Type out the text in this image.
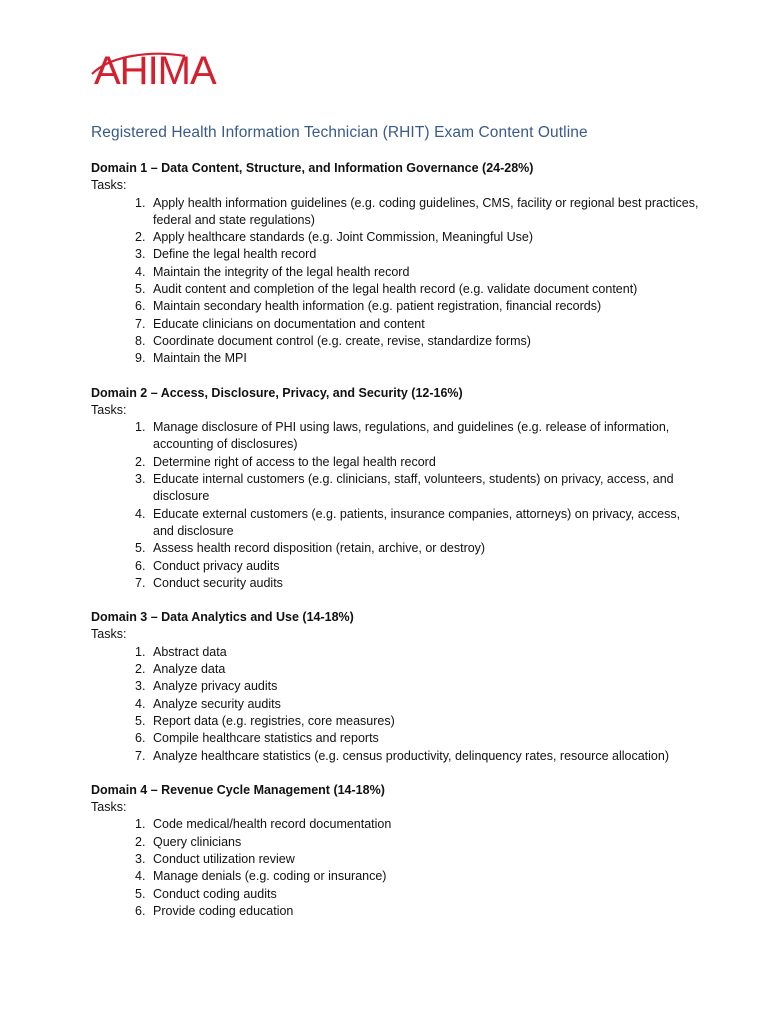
AHIMA
Registered Health Information Technician (RHIT) Exam Content Outline
Domain 1 – Data Content, Structure, and Information Governance (24-28%)
Tasks:
1. Apply health information guidelines (e.g. coding guidelines, CMS, facility or regional best practices, federal and state regulations)
2. Apply healthcare standards (e.g. Joint Commission, Meaningful Use)
3. Define the legal health record
4. Maintain the integrity of the legal health record
5. Audit content and completion of the legal health record (e.g. validate document content)
6. Maintain secondary health information (e.g. patient registration, financial records)
7. Educate clinicians on documentation and content
8. Coordinate document control (e.g. create, revise, standardize forms)
9. Maintain the MPI
Domain 2 – Access, Disclosure, Privacy, and Security (12-16%)
Tasks:
1. Manage disclosure of PHI using laws, regulations, and guidelines (e.g. release of information, accounting of disclosures)
2. Determine right of access to the legal health record
3. Educate internal customers (e.g. clinicians, staff, volunteers, students) on privacy, access, and disclosure
4. Educate external customers (e.g. patients, insurance companies, attorneys) on privacy, access, and disclosure
5. Assess health record disposition (retain, archive, or destroy)
6. Conduct privacy audits
7. Conduct security audits
Domain 3 – Data Analytics and Use (14-18%)
Tasks:
1. Abstract data
2. Analyze data
3. Analyze privacy audits
4. Analyze security audits
5. Report data (e.g. registries, core measures)
6. Compile healthcare statistics and reports
7. Analyze healthcare statistics (e.g. census productivity, delinquency rates, resource allocation)
Domain 4 – Revenue Cycle Management (14-18%)
Tasks:
1. Code medical/health record documentation
2. Query clinicians
3. Conduct utilization review
4. Manage denials (e.g. coding or insurance)
5. Conduct coding audits
6. Provide coding education
